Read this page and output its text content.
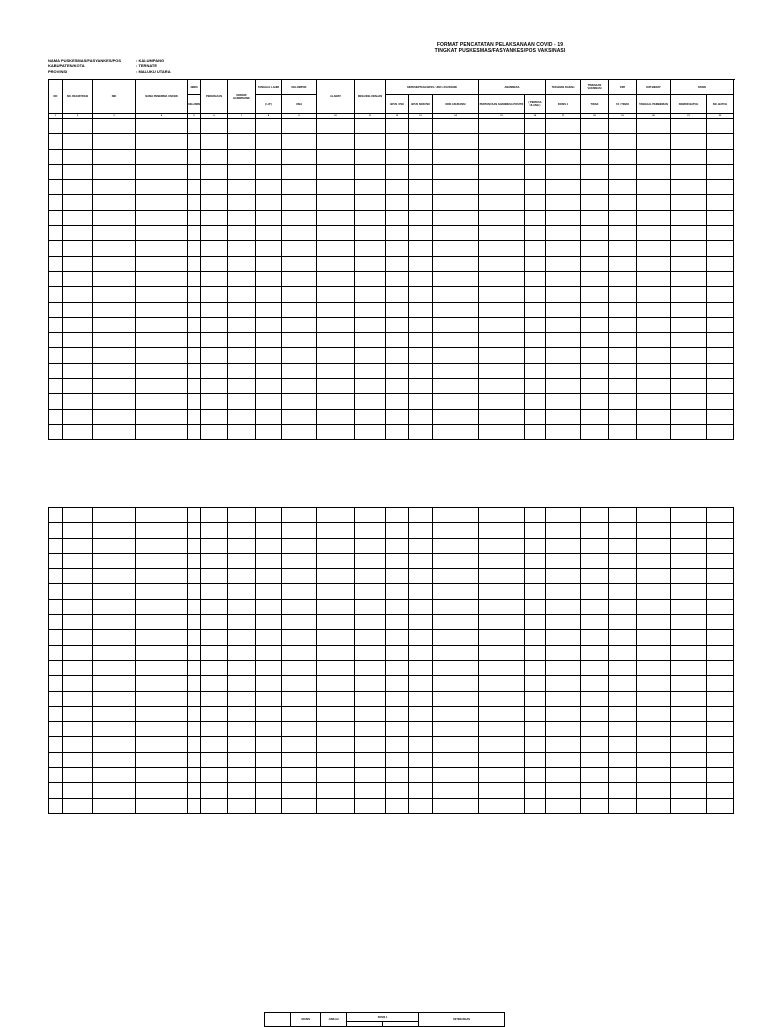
FORMAT PENCATATAN PELAKSANAAN COVID - 19
TINGKAT PUSKESMAS/FASYANKES/POS VAKSINASI
NAMA PUSKESMAS/FASYANKES/POS	: KALUMPANG
KABUPATEN/KOTA	: TERNATE
PROVINSI	: MALUKU UTARA
NO	NO. REGISTRASI	NIK	NAMA PENERIMA VAKSIN	JENIS	PEKERJAAN	NOMOR HANDPHONE	TANGGAL LAHIR	KELOMPOK	ALAMAT	DESA/KELURAHAN	KEPESERTAAN BPJS / JKN / ASURANSI			ANAMNESA		TEKANAN DARAH	TINDAKAN VAKSINASI	KIPI	KIPI BERAT	DOSIS	
				KELAMIN			( L/P )	USIA			BPJS / PBI	BPJS NON PBI	NON ASURANSI	PERTANYAAN ANAMNESA POSITIF	( PERIKSA ULANG )	DOSIS 1	TIDAK	YA / TIDAK	TANGGAL PEMBERIAN	NOMOR BATCH	NO. BATCH
1	2	3	4	5	6	7	8	9	10	11	12	13	14	15	16	17	18	19	20	21	22

	VAKSIN	JUMLAH	DOSIS 1		KETERANGAN
